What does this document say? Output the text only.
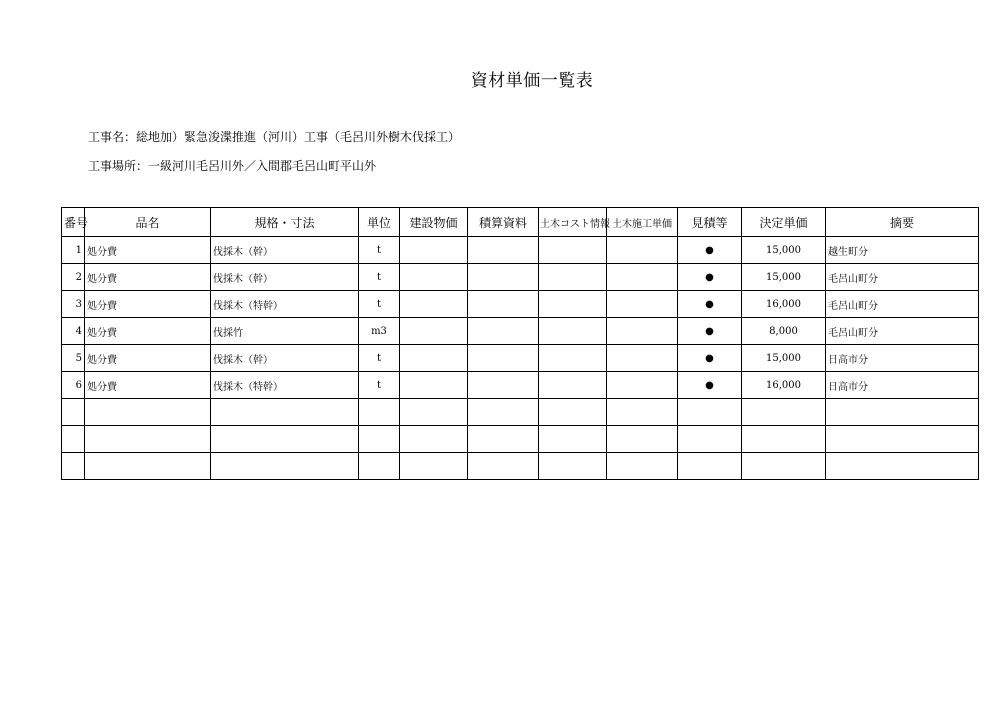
資材単価一覧表
工事名：総地加）緊急浚渫推進（河川）工事（毛呂川外樹木伐採工）
工事場所：一級河川毛呂川外／入間郡毛呂山町平山外
番号	品名	規格・寸法	単位	建設物価	積算資料	土木コスト情報	土木施工単価	見積等	決定単価	摘要
1	処分費	伐採木（幹）	t					●	15,000	越生町分
2	処分費	伐採木（幹）	t					●	15,000	毛呂山町分
3	処分費	伐採木（特幹）	t					●	16,000	毛呂山町分
4	処分費	伐採竹	m3					●	8,000	毛呂山町分
5	処分費	伐採木（幹）	t					●	15,000	日高市分
6	処分費	伐採木（特幹）	t					●	16,000	日高市分
